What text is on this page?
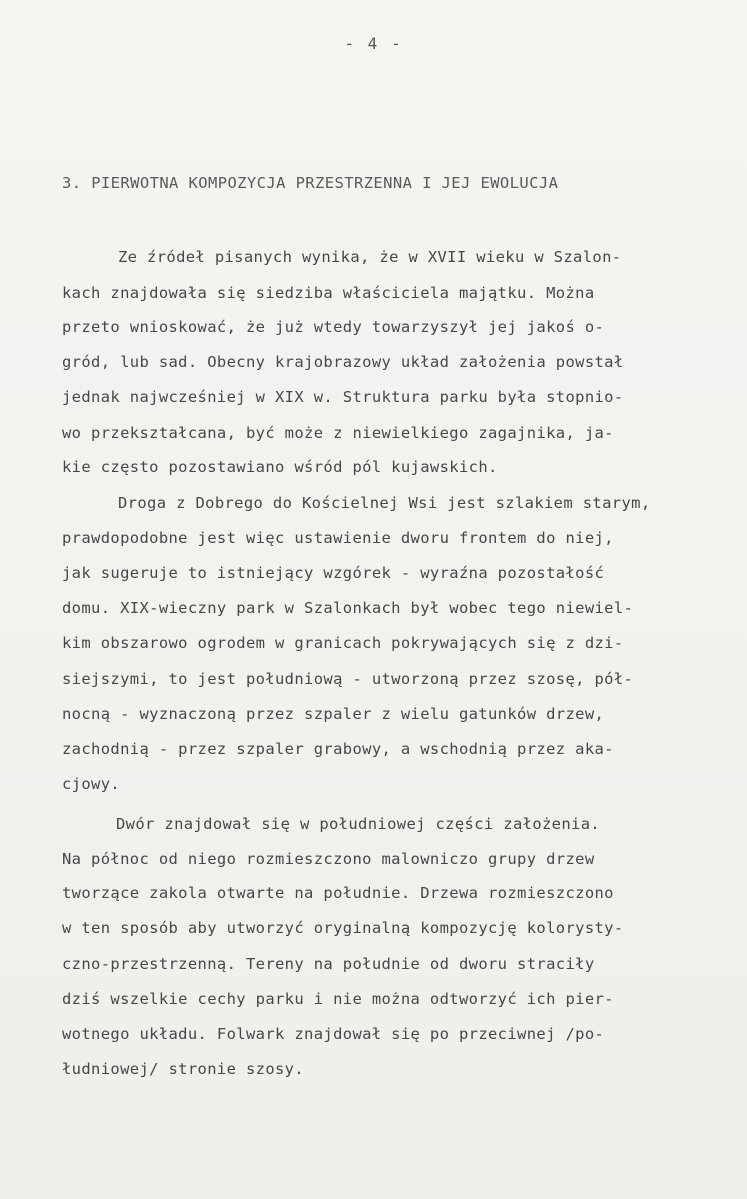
- 4 -
3. PIERWOTNA KOMPOZYCJA PRZESTRZENNA I JEJ EWOLUCJA
Ze źródeł pisanych wynika, że w XVII wieku w Szalon-
kach znajdowała się siedziba właściciela majątku. Można
przeto wnioskować, że już wtedy towarzyszył jej jakoś o-
gród, lub sad. Obecny krajobrazowy układ założenia powstał
jednak najwcześniej w XIX w. Struktura parku była stopnio-
wo przekształcana, być może z niewielkiego zagajnika, ja-
kie często pozostawiano wśród pól kujawskich.
Droga z Dobrego do Kościelnej Wsi jest szlakiem starym,
prawdopodobne jest więc ustawienie dworu frontem do niej,
jak sugeruje to istniejący wzgórek - wyraźna pozostałość
domu. XIX-wieczny park w Szalonkach był wobec tego niewiel-
kim obszarowo ogrodem w granicach pokrywających się z dzi-
siejszymi, to jest południową - utworzoną przez szosę, pół-
nocną - wyznaczoną przez szpaler z wielu gatunków drzew,
zachodnią - przez szpaler grabowy, a wschodnią przez aka-
cjowy.
Dwór znajdował się w południowej części założenia.
Na północ od niego rozmieszczono malowniczo grupy drzew
tworzące zakola otwarte na południe. Drzewa rozmieszczono
w ten sposób aby utworzyć oryginalną kompozycję kolorysty-
czno-przestrzenną. Tereny na południe od dworu straciły
dziś wszelkie cechy parku i nie można odtworzyć ich pier-
wotnego układu. Folwark znajdował się po przeciwnej /po-
łudniowej/ stronie szosy.
